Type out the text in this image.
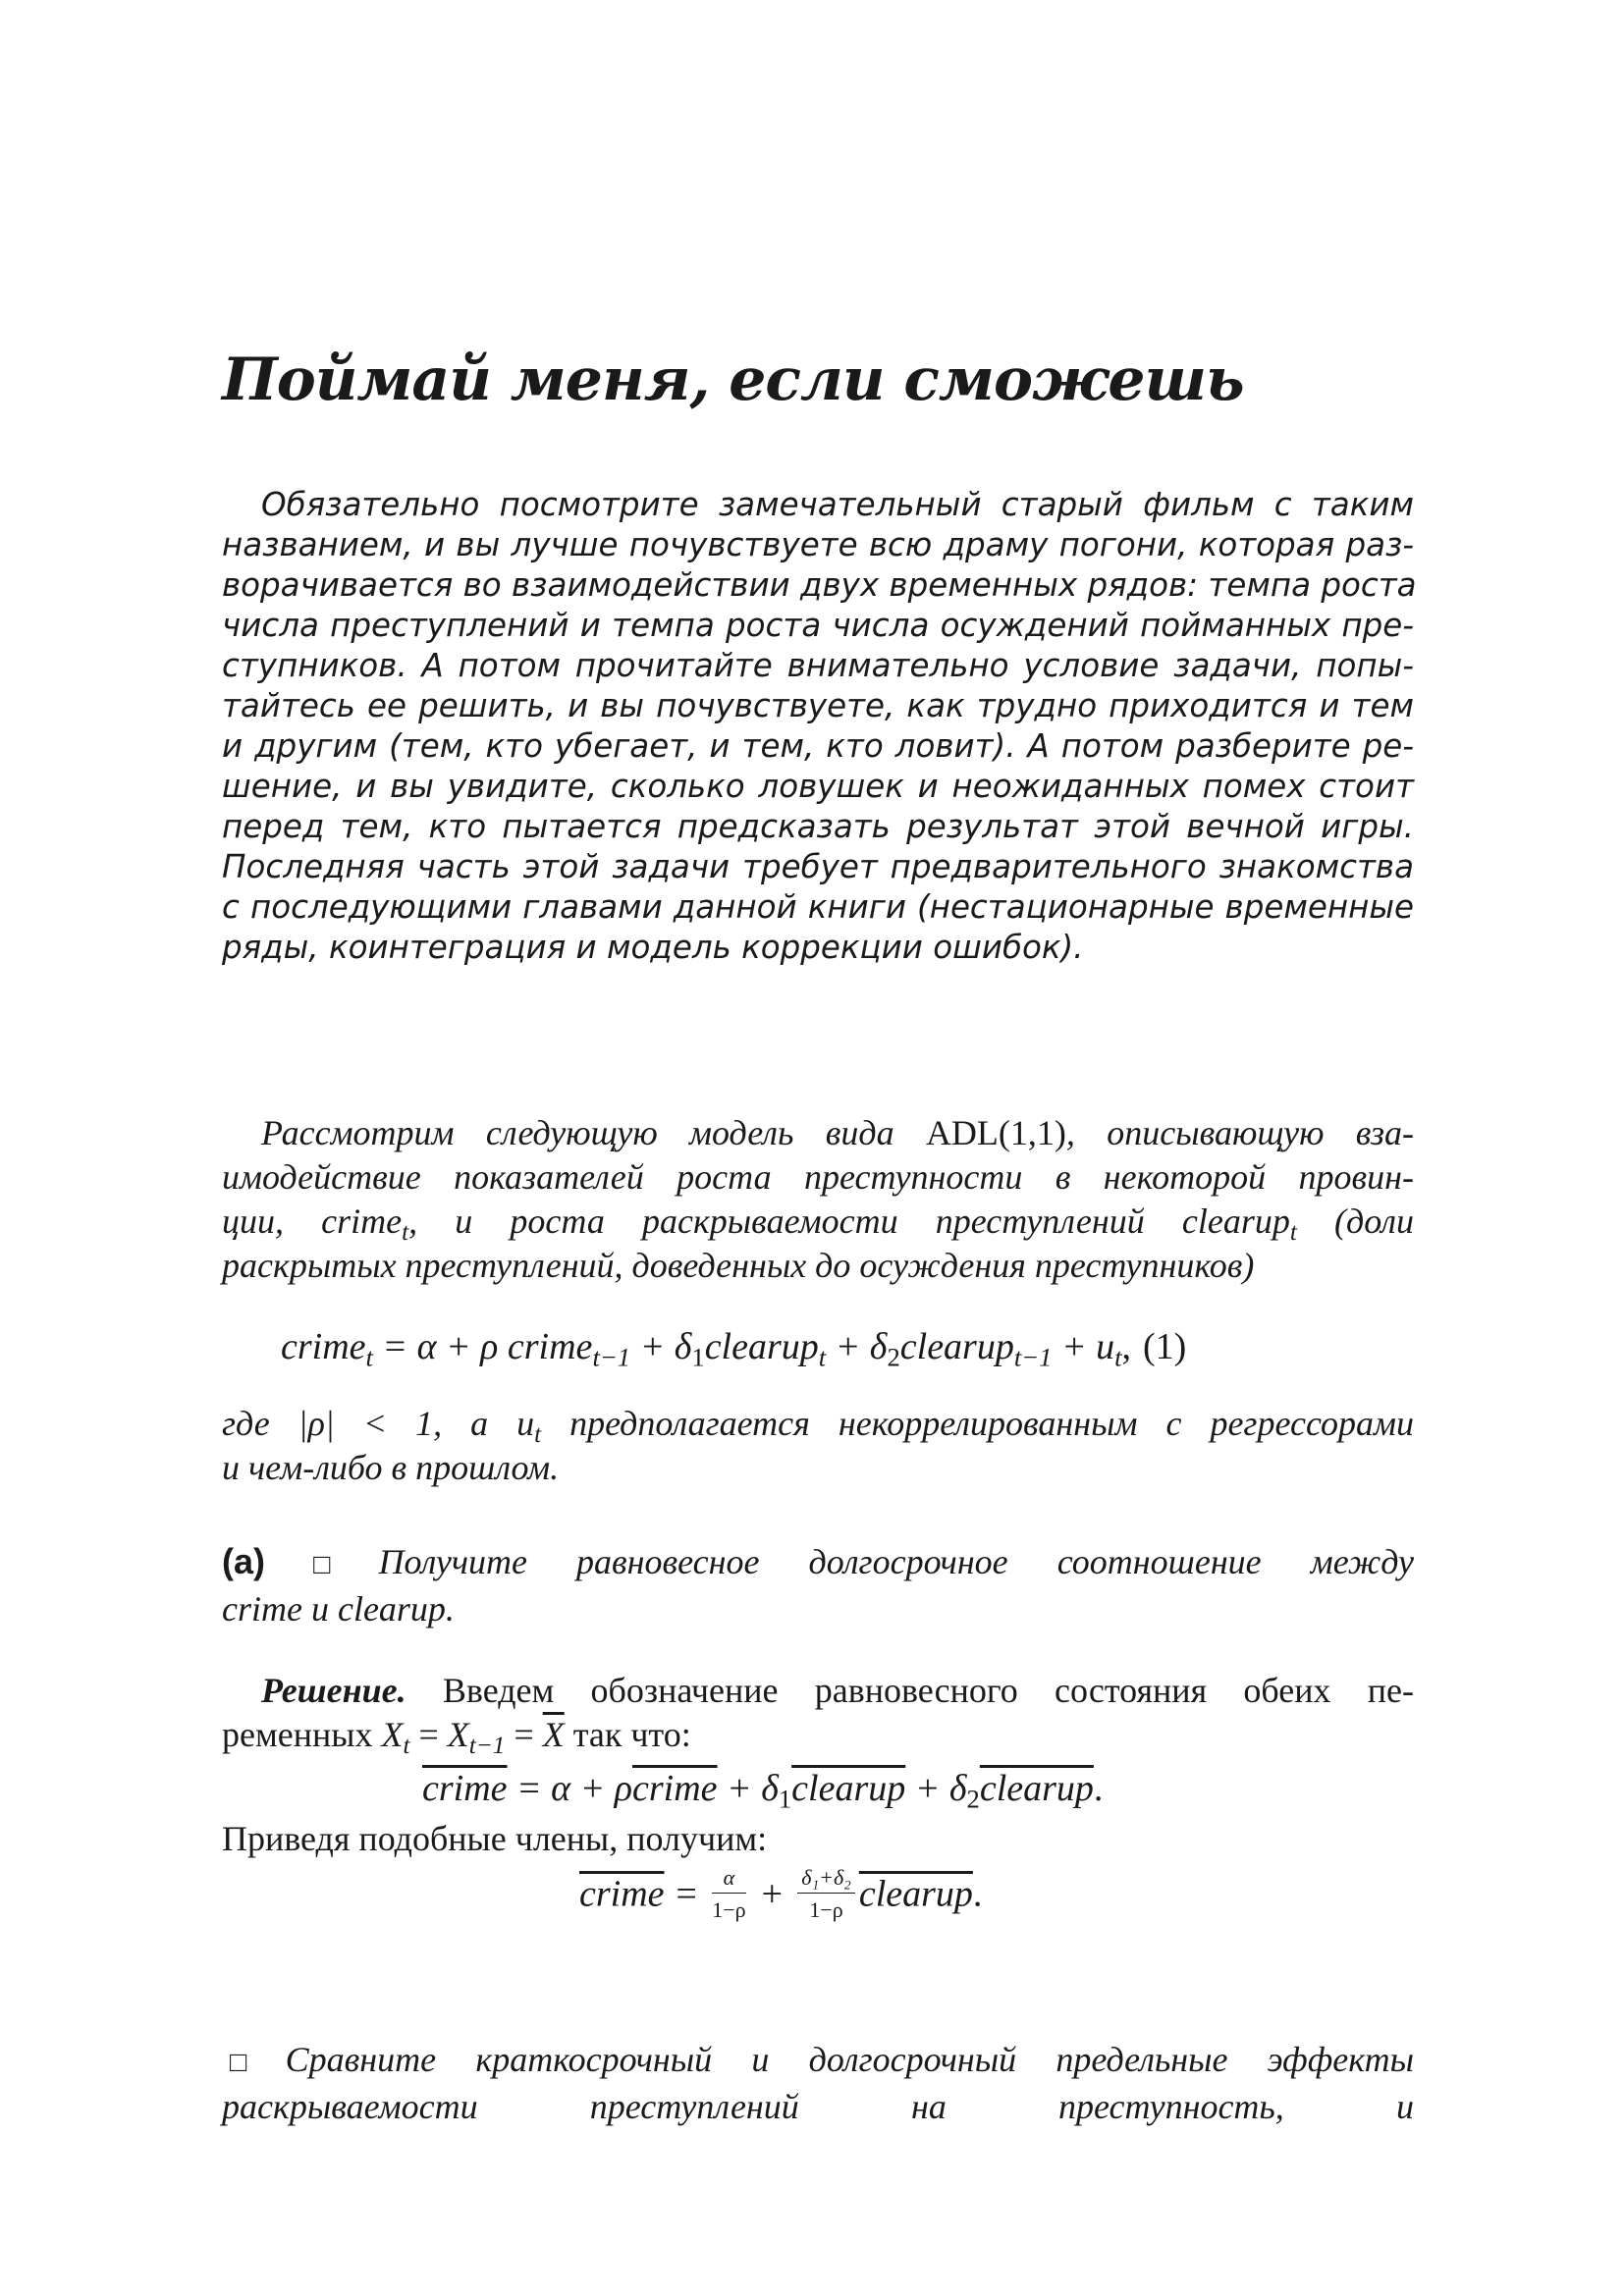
Поймай меня, если сможешь
Обязательно посмотрите замечательный старый фильм с таким
названием, и вы лучше почувствуете всю драму погони, которая раз-
ворачивается во взаимодействии двух временных рядов: темпа роста
числа преступлений и темпа роста числа осуждений пойманных пре-
ступников. А потом прочитайте внимательно условие задачи, попы-
тайтесь ее решить, и вы почувствуете, как трудно приходится и тем
и другим (тем, кто убегает, и тем, кто ловит). А потом разберите ре-
шение, и вы увидите, сколько ловушек и неожиданных помех стоит
перед тем, кто пытается предсказать результат этой вечной игры.
Последняя часть этой задачи требует предварительного знакомства
с последующими главами данной книги (нестационарные временные
ряды, коинтеграция и модель коррекции ошибок).
Рассмотрим следующую модель вида ADL(1,1), описывающую вза-
имодействие показателей роста преступности в некоторой провин-
ции, crime$_t$, и роста раскрываемости преступлений clearup$_t$ (доли
раскрытых преступлений, доведенных до осуждения преступников)
crime$_t$ = α + ρ crime$_{t-1}$ + $\delta_1clearup_t$ + $\delta_2clearup_{t-1} + u_t$, (1)
где |ρ| < 1, а $u_t$ предполагается некоррелированным с регрессорами
и чем-либо в прошлом.
(a) □ Получите равновесное долгосрочное соотношение между
crime и clearup.
Решение. Введем обозначение равновесного состояния обеих пе-
ременных $X_t = X_{t-1} = \overline{X}$ так что:
crime = α + ρcrime + $\delta_1clearup$ + $\delta_2clearup$.
Приведя подобные члены, получим:
crime = $\frac{\alpha}{1-\rho} + \frac{\text{δ₁+δ₂}}{1-\rho}$ clearup.
□ Сравните краткосрочный и долгосрочный предельные эффекты
раскрываемости преступлений на преступность, и
